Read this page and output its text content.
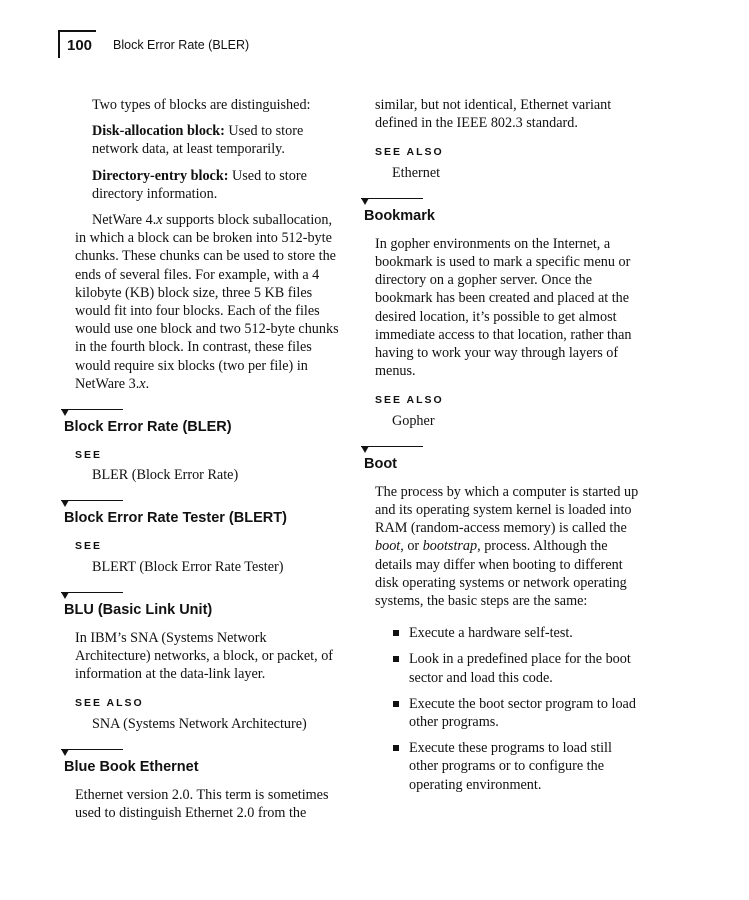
100 Block Error Rate (BLER)

Two types of blocks are distinguished:

Disk-allocation block: Used to store network data, at least temporarily.

Directory-entry block: Used to store directory information.

NetWare 4.x supports block suballocation, in which a block can be broken into 512-byte chunks. These chunks can be used to store the ends of several files. For example, with a 4 kilobyte (KB) block size, three 5 KB files would fit into four blocks. Each of the files would use one block and two 512-byte chunks in the fourth block. In contrast, these files would require six blocks (two per file) in NetWare 3.x.

Block Error Rate (BLER)
SEE
BLER (Block Error Rate)
Block Error Rate Tester (BLERT)
SEE
BLERT (Block Error Rate Tester)
BLU (Basic Link Unit)

In IBM’s SNA (Systems Network Architecture) networks, a block, or packet, of information at the data-link layer.

SEE ALSO
SNA (Systems Network Architecture)
Blue Book Ethernet

Ethernet version 2.0. This term is sometimes used to distinguish Ethernet 2.0 from the

similar, but not identical, Ethernet variant defined in the IEEE 802.3 standard.

SEE ALSO
Ethernet
Bookmark

In gopher environments on the Internet, a bookmark is used to mark a specific menu or directory on a gopher server. Once the bookmark has been created and placed at the desired location, it’s possible to get almost immediate access to that location, rather than having to work your way through layers of menus.

SEE ALSO
Gopher
Boot

The process by which a computer is started up and its operating system kernel is loaded into RAM (random-access memory) is called the boot, or bootstrap, process. Although the details may differ when booting to different disk operating systems or network operating systems, the basic steps are the same:

Execute a hardware self-test.
Look in a predefined place for the boot sector and load this code.
Execute the boot sector program to load other programs.
Execute these programs to load still other programs or to configure the operating environment.
